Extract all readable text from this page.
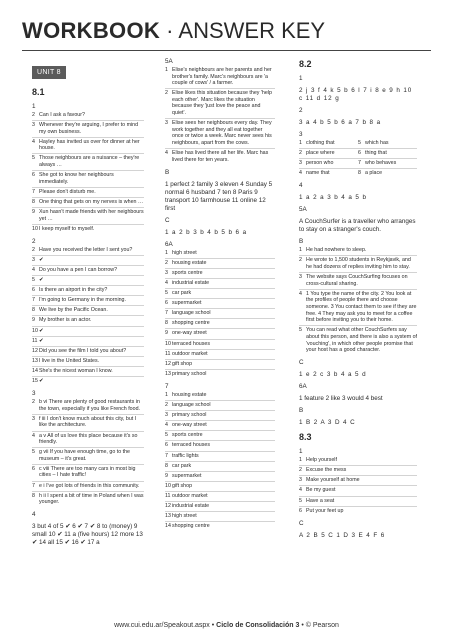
WORKBOOK · ANSWER KEY
UNIT 8
8.1
1
2 Can I ask a favour?
3 Whenever they're arguing, I prefer to mind my own business.
4 Hayley has invited us over for dinner at her house.
5 Those neighbours are a nuisance – they're always …
6 She got to know her neighbours immediately.
7 Please don't disturb me.
8 One thing that gets on my nerves is when …
9 Xun hasn't made friends with her neighbours yet …
10 I keep myself to myself.
2
2 Have you received the letter I sent you?
3 ✔
4 Do you have a pen I can borrow?
5 ✔
6 Is there an airport in the city?
7 I'm going to Germany in the morning.
8 We live by the Pacific Ocean.
9 My brother is an actor.
10 ✔
11 ✔
12 Did you see the film I told you about?
13 I live in the United States.
14 She's the nicest woman I know.
15 ✔
3
2 b vi There are plenty of good restaurants in the town, especially if you like French food.
3 f iii I don't know much about this city, but I like the architecture.
4 a v All of us love this place because it's so friendly.
5 g vii If you have enough time, go to the museum – it's great.
6 c viii There are too many cars in most big cities – I hate traffic!
7 e i I've got lots of friends in this community.
8 h ii I spent a bit of time in Poland when I was younger.
4
3 but 4 of 5 ✔ 6 ✔ 7 ✔ 8 to (money) 9 small 10 ✔ 11 a (five hours) 12 more 13 ✔ 14 all 15 ✔ 16 ✔ 17 a
5A
1 Elise's neighbours are her parents and her brother's family. Marc's neighbours are 'a couple of cows' / a farmer.
2 Elise likes this situation because they 'help each other'. Marc likes the situation because they 'just love the peace and quiet'.
3 Elise sees her neighbours every day. They work together and they all eat together once or twice a week. Marc never sees his neighbours, apart from the cows.
4 Elise has lived there all her life. Marc has lived there for ten years.
B
1 perfect 2 family 3 eleven 4 Sunday 5 normal 6 husband 7 ten 8 Paris 9 transport 10 farmhouse 11 online 12 first
C
1 a 2 b 3 b 4 b 5 b 6 a
6A
1 high street
2 housing estate
3 sports centre
4 industrial estate
5 car park
6 supermarket
7 language school
8 shopping centre
9 one-way street
10 terraced houses
11 outdoor market
12 gift shop
13 primary school
7
1 housing estate
2 language school
3 primary school
4 one-way street
5 sports centre
6 terraced houses
7 traffic lights
8 car park
9 supermarket
10 gift shop
11 outdoor market
12 industrial estate
13 high street
14 shopping centre
8.2
1
2 j 3 f 4 k 5 b 6 l 7 i 8 e 9 h 10 c 11 d 12 g
2
3 a 4 b 5 b 6 a 7 b 8 a
3
1 clothing that	5 which has
2 place where	6 thing that
3 person who	7 who behaves
4 name that	8 a place
4
1 a 2 a 3 b 4 a 5 b
5A
A CouchSurfer is a traveller who arranges to stay on a stranger's couch.
B
1 He had nowhere to sleep.
2 He wrote to 1,500 students in Reykjavik, and he had dozens of replies inviting him to stay.
3 The website says CouchSurfing focuses on cross-cultural sharing.
4 1 You type the name of the city. 2 You look at the profiles of people there and choose someone. 3 You contact them to see if they are free. 4 They may ask you to meet for a coffee first before inviting you to their home.
5 You can read what other CouchSurfers say about this person, and there is also a system of 'vouching', in which other people promise that your host has a good character.
C
1 e 2 c 3 b 4 a 5 d
6A
1 feature 2 like 3 would 4 best
B
1 B 2 A 3 D 4 C
8.3
1
1 Help yourself
2 Excuse the mess
3 Make yourself at home
4 Be my guest
5 Have a seat
6 Put your feet up
C
A 2 B 5 C 1 D 3 E 4 F 6
www.cui.edu.ar/Speakout.aspx • Ciclo de Consolidación 3 • © Pearson
